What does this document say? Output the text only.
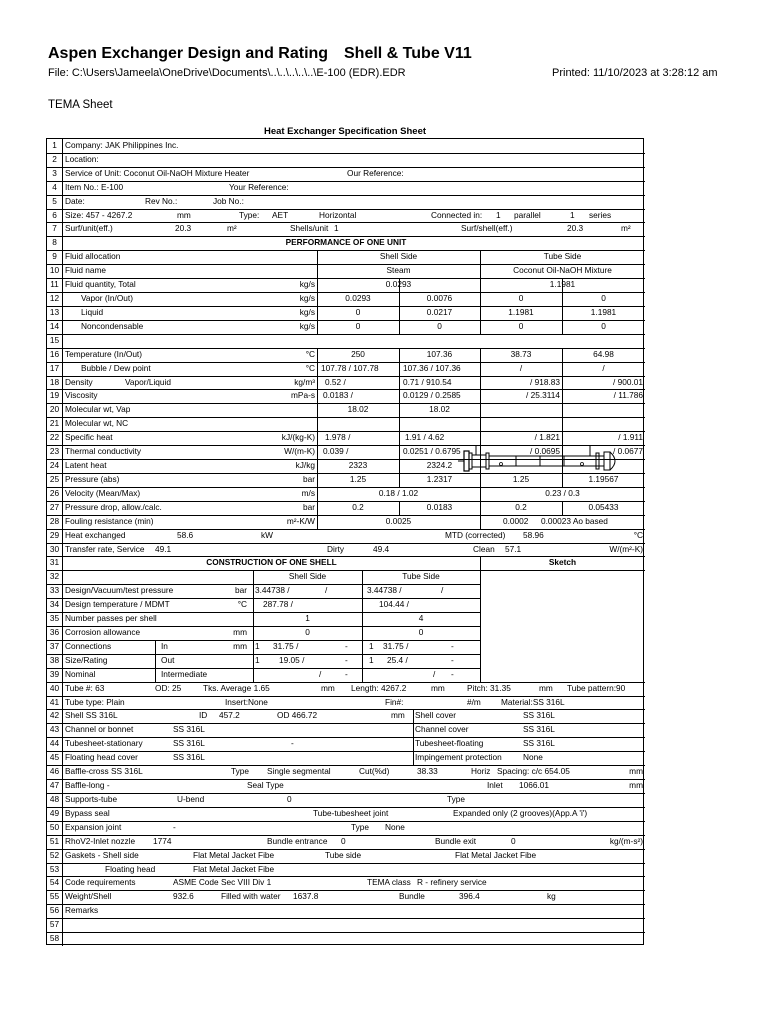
Aspen Exchanger Design and Rating Shell & Tube V11
File: C:\Users\Jameela\OneDrive\Documents\..\..\..\..\..\E-100 (EDR).EDR	Printed: 11/10/2023 at 3:28:12 am
TEMA Sheet
Heat Exchanger Specification Sheet
1 Company: JAK Philippines Inc.
2 Location:
3 Service of Unit: Coconut Oil-NaOH Mixture Heater	Our Reference:
4 Item No.: E-100	Your Reference:
5 Date:	Rev No.:	Job No.:
6 Size: 457 - 4267.2	mm	Type: AET	Horizontal	Connected in: 1 parallel	1 series
7 Surf/unit(eff.)	20.3	m²	Shells/unit 1	Surf/shell(eff.)	20.3	m²
8	PERFORMANCE OF ONE UNIT
9 Fluid allocation	Shell Side	Tube Side
10 Fluid name	Steam	Coconut Oil-NaOH Mixture
11 Fluid quantity, Total	kg/s	0.0293	1.1981
12	Vapor (In/Out)	kg/s	0.0293	0.0076	0	0
13	Liquid	kg/s	0	0.0217	1.1981	1.1981
14	Noncondensable	kg/s	0	0	0	0
15
16 Temperature (In/Out)	°C	250	107.36	38.73	64.98
17	Bubble / Dew point	°C 107.78 / 107.78	107.36 / 107.36	/	/
18 Density	Vapor/Liquid	kg/m³ 0.52 /	0.71 / 910.54	/ 918.83	/ 900.01
19 Viscosity	mPa-s 0.0183 /	0.0129 / 0.2585	/ 25.3114	/ 11.786
20 Molecular wt, Vap	18.02	18.02
21 Molecular wt, NC
22 Specific heat	kJ/(kg-K) 1.978 /	1.91 / 4.62	/ 1.821	/ 1.911
23 Thermal conductivity	W/(m-K) 0.039 /	0.0251 / 0.6795	/ 0.0695	/ 0.0677
24 Latent heat	kJ/kg	2323	2324.2
25 Pressure (abs)	bar	1.25	1.2317	1.25	1.19567
26 Velocity (Mean/Max)	m/s	0.18 / 1.02	0.23 / 0.3
27 Pressure drop, allow./calc.	bar	0.2	0.0183	0.2	0.05433
28 Fouling resistance (min)	m²-K/W	0.0025	0.0002 0.00023 Ao based
29 Heat exchanged	58.6	kW	MTD (corrected) 58.96	°C
30 Transfer rate, Service 49.1	Dirty	49.4	Clean 57.1	W/(m²-K)
31	CONSTRUCTION OF ONE SHELL	Sketch
32	Shell Side	Tube Side
33 Design/Vacuum/test pressure	bar 3.44738 /	/	3.44738 /	/
34 Design temperature / MDMT	°C 287.78 /	104.44 /
35 Number passes per shell	1	4
36 Corrosion allowance	mm	0	0
37 Connections	In	mm 1 31.75 /	-	1 31.75 /	-
38 Size/Rating	Out	1 19.05 /	-	1 25.4 /	-
39 Nominal	Intermediate	/	-	/ -
40 Tube #: 63	OD: 25	Tks. Average 1.65	mm Length: 4267.2	mm	Pitch: 31.35	mm Tube pattern:90
41 Tube type: Plain	Insert:None	Fin#:	#/m Material:SS 316L
42 Shell SS 316L	ID 457.2	OD 466.72	mm Shell cover	SS 316L
43 Channel or bonnet	SS 316L	Channel cover	SS 316L
44 Tubesheet-stationary	SS 316L	-	Tubesheet-floating	SS 316L
45 Floating head cover	SS 316L	Impingement protection	None
46 Baffle-cross SS 316L	Type Single segmental	Cut(%d)	38.33	Horiz Spacing: c/c 654.05	mm
47 Baffle-long -	Seal Type	Inlet 1066.01	mm
48 Supports-tube	U-bend	0	Type
49 Bypass seal	Tube-tubesheet joint	Expanded only (2 grooves)(App.A 'i')
50 Expansion joint	-	Type None
51 RhoV2-Inlet nozzle 1774	Bundle entrance 0	Bundle exit	0	kg/(m-s²)
52 Gaskets - Shell side	Flat Metal Jacket Fibe	Tube side	Flat Metal Jacket Fibe
53	Floating head	Flat Metal Jacket Fibe
54 Code requirements	ASME Code Sec VIII Div 1	TEMA class R - refinery service
55 Weight/Shell	932.6	Filled with water 1637.8	Bundle	396.4	kg
56 Remarks
57
58
